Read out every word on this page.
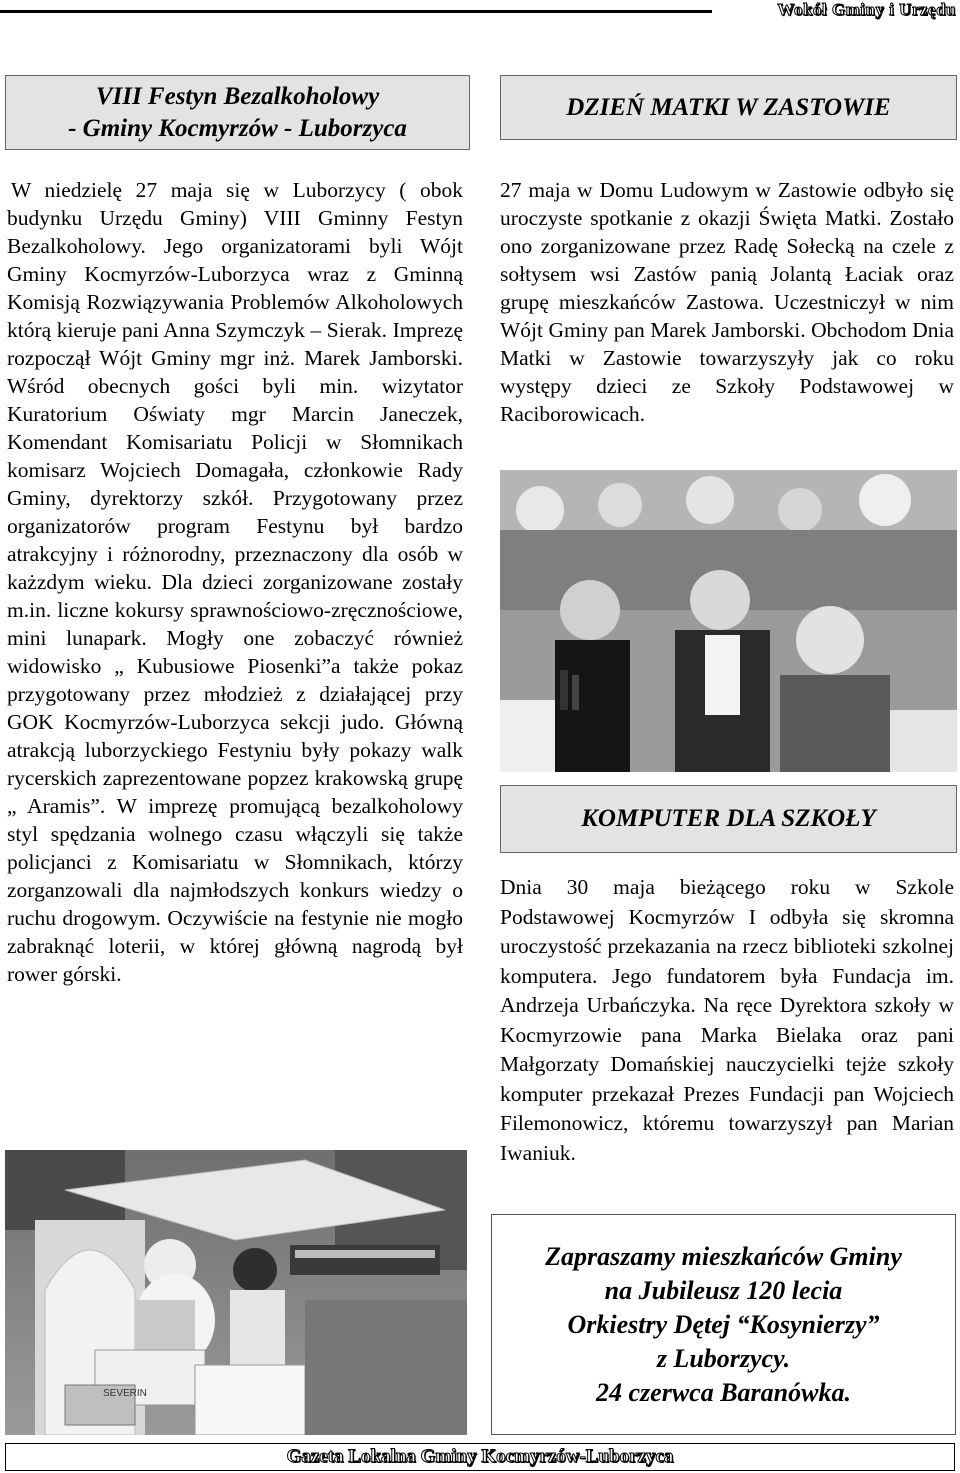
Wokół Gminy i Urzędu
VIII Festyn Bezalkoholowy
- Gminy Kocmyrzów - Luborzyca

W niedzielę 27 maja się w Luborzycy ( obok budynku Urzędu Gminy) VIII Gminny Festyn Bezalkoholowy. Jego organizatorami byli Wójt Gminy Kocmyrzów-Luborzyca wraz z Gminną Komisją Rozwiązywania Problemów Alkoholowych którą kieruje pani Anna Szymczyk – Sierak. Imprezę rozpoczął Wójt Gminy mgr inż. Marek Jamborski. Wśród obecnych gości byli min. wizytator Kuratorium Oświaty mgr Marcin Janeczek, Komendant Komisariatu Policji w Słomnikach komisarz Wojciech Domagała, członkowie Rady Gminy, dyrektorzy szkół. Przygotowany przez organizatorów program Festynu był bardzo atrakcyjny i różnorodny, przeznaczony dla osób w każzdym wieku. Dla dzieci zorganizowane zostały m.in. liczne kokursy sprawnościowo-zręcznościowe, mini lunapark. Mogły one zobaczyć również widowisko „ Kubusiowe Piosenki”a także pokaz przygotowany przez młodzież z działającej przy GOK Kocmyrzów-Luborzyca sekcji judo. Główną atrakcją luborzyckiego Festyniu były pokazy walk rycerskich zaprezentowane popzez krakowską grupę „ Aramis”. W imprezę promującą bezalkoholowy styl spędzania wolnego czasu włączyli się także policjanci z Komisariatu w Słomnikach, którzy zorganzowali dla najmłodszych konkurs wiedzy o ruchu drogowym. Oczywiście na festynie nie mogło zabraknąć loterii, w której główną nagrodą był rower górski.

SEVERIN
DZIEŃ MATKI W ZASTOWIE

27 maja w Domu Ludowym w Zastowie odbyło się uroczyste spotkanie z okazji Święta Matki. Zostało ono zorganizowane przez Radę Sołecką na czele z sołtysem wsi Zastów panią Jolantą Łaciak oraz grupę mieszkańców Zastowa. Uczestniczył w nim Wójt Gminy pan Marek Jamborski. Obchodom Dnia Matki w Zastowie towarzyszyły jak co roku występy dzieci ze Szkoły Podstawowej w Raciborowicach.

KOMPUTER DLA SZKOŁY

Dnia 30 maja bieżącego roku w Szkole Podstawowej Kocmyrzów I odbyła się skromna uroczystość przekazania na rzecz biblioteki szkolnej komputera. Jego fundatorem była Fundacja im. Andrzeja Urbańczyka. Na ręce Dyrektora szkoły w Kocmyrzowie pana Marka Bielaka oraz pani Małgorzaty Domańskiej nauczycielki tejże szkoły komputer przekazał Prezes Fundacji pan Wojciech Filemonowicz, któremu towarzyszył pan Marian Iwaniuk.

Zapraszamy mieszkańców Gminy
na Jubileusz 120 lecia
Orkiestry Dętej “Kosynierzy”
z Luborzycy.
24 czerwca Baranówka.
Gazeta Lokalna Gminy Kocmyrzów-Luborzyca
